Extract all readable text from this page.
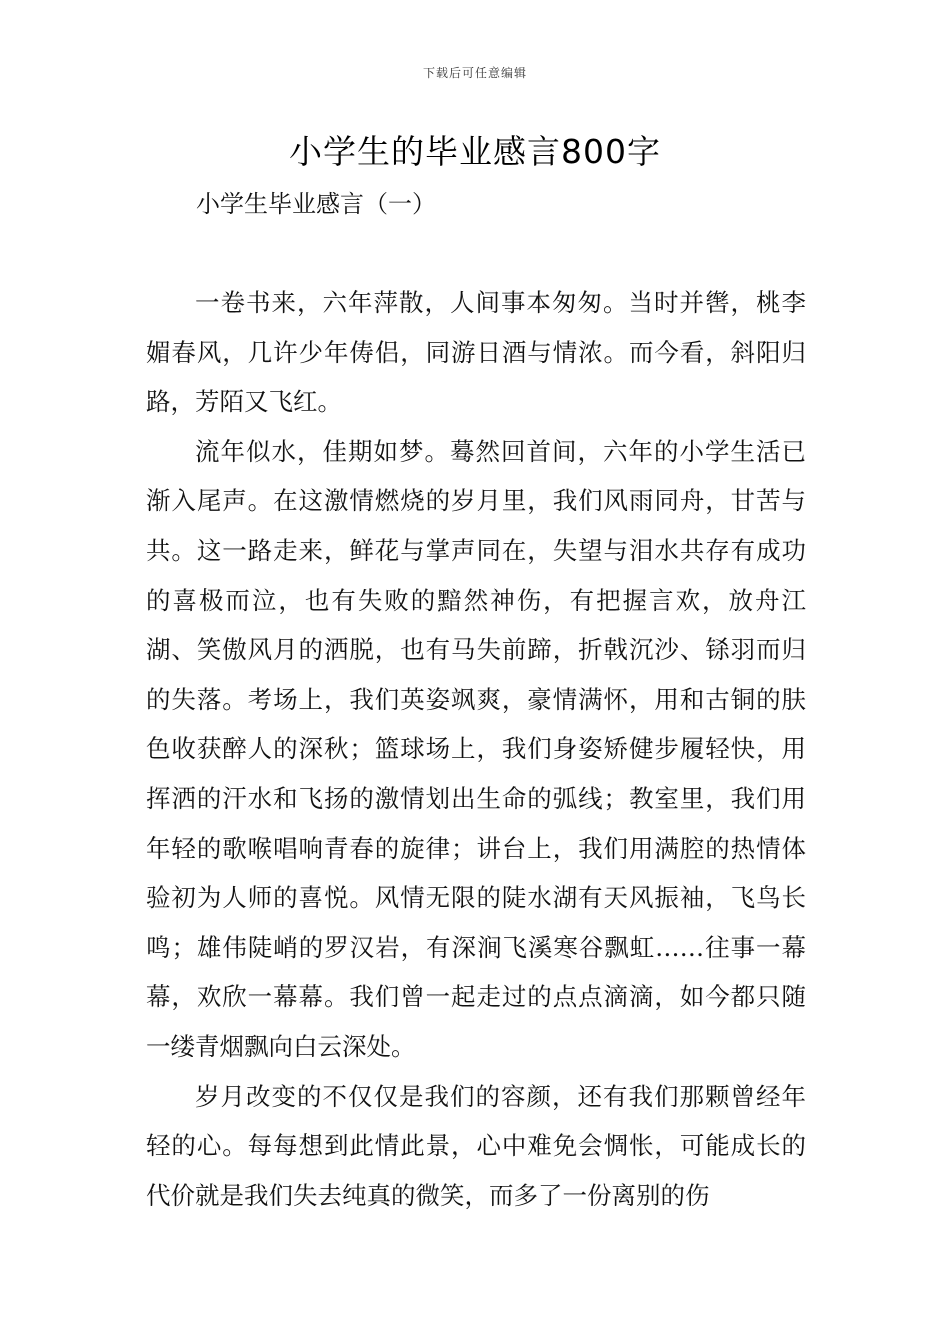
下载后可任意编辑
小学生的毕业感言800字
小学生毕业感言（一）

一卷书来，六年萍散，人间事本匆匆。当时并辔，桃李媚春风，几许少年俦侣，同游日酒与情浓。而今看，斜阳归路，芳陌又飞红。

流年似水，佳期如梦。蓦然回首间，六年的小学生活已渐入尾声。在这激情燃烧的岁月里，我们风雨同舟，甘苦与共。这一路走来，鲜花与掌声同在，失望与泪水共存有成功的喜极而泣，也有失败的黯然神伤，有把握言欢，放舟江湖、笑傲风月的洒脱，也有马失前蹄，折戟沉沙、铩羽而归的失落。考场上，我们英姿飒爽，豪情满怀，用和古铜的肤色收获醉人的深秋；篮球场上，我们身姿矫健步履轻快，用挥洒的汗水和飞扬的激情划出生命的弧线；教室里，我们用年轻的歌喉唱响青春的旋律；讲台上，我们用满腔的热情体验初为人师的喜悦。风情无限的陡水湖有天风振袖，飞鸟长鸣；雄伟陡峭的罗汉岩，有深涧飞溪寒谷飘虹……往事一幕幕，欢欣一幕幕。我们曾一起走过的点点滴滴，如今都只随一缕青烟飘向白云深处。

岁月改变的不仅仅是我们的容颜，还有我们那颗曾经年轻的心。每每想到此情此景，心中难免会惆怅，可能成长的代价就是我们失去纯真的微笑，而多了一份离别的伤
